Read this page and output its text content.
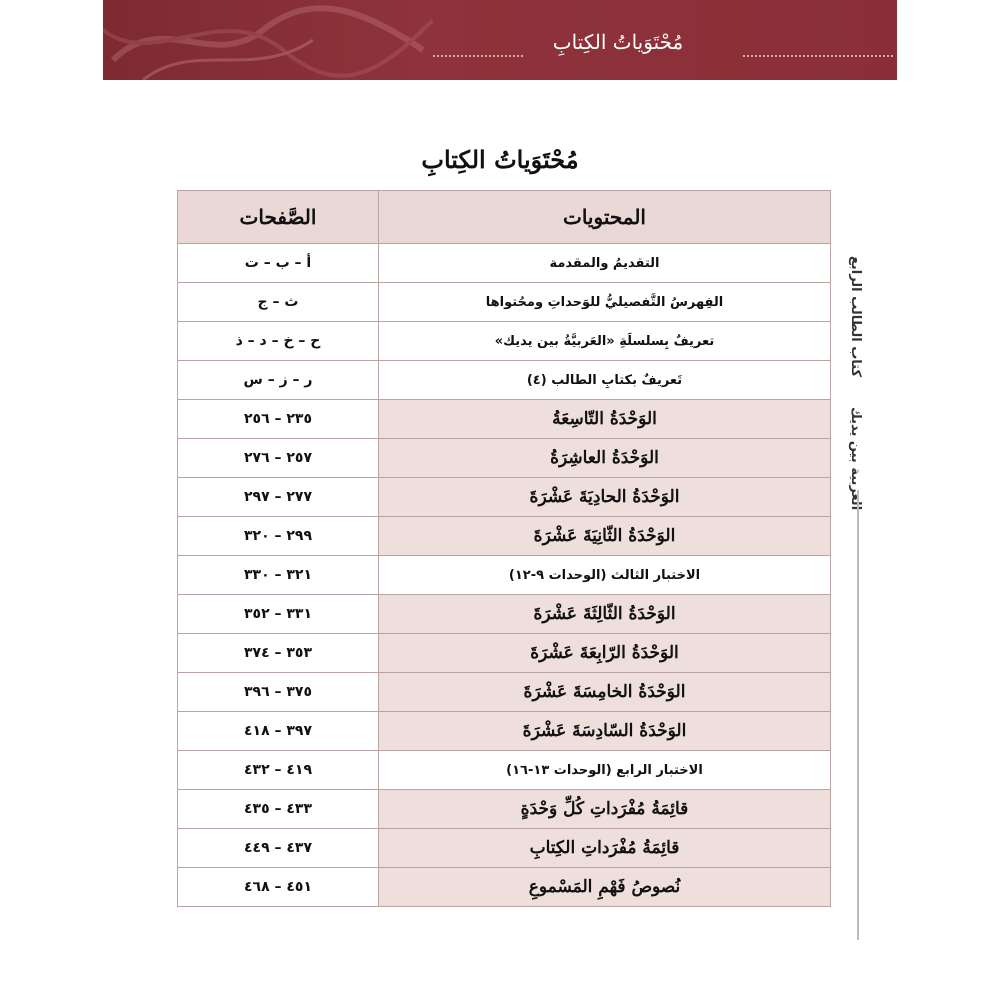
مُحْتَوَياتُ الكِتابِ
مُحْتَوَياتُ الكِتابِ
الصَّفحات	المحتويات
أ – ب – ت	التقديمُ والمقدمة
ث – ج	الفِهرسُ التَّفصيليُّ للوَحداتِ ومحُتواها
ح – خ – د – ذ	تعريفٌ بِسلسلَةِ «العَربيَّةُ بين يديك»
ر – ز – س	تَعريفٌ بكتابِ الطالب (٤)
٢٣٥ – ٢٥٦	الوَحْدَةُ التّاسِعَةُ
٢٥٧ – ٢٧٦	الوَحْدَةُ العاشِرَةُ
٢٧٧ – ٢٩٧	الوَحْدَةُ الحادِيَةَ عَشْرَةَ
٢٩٩ – ٣٢٠	الوَحْدَةُ الثّانِيَةَ عَشْرَةَ
٣٢١ – ٣٣٠	الاختبار الثالث (الوحدات ٩-١٢)
٣٣١ – ٣٥٢	الوَحْدَةُ الثّالِثَةَ عَشْرَةَ
٣٥٣ – ٣٧٤	الوَحْدَةُ الرّابِعَةَ عَشْرَةَ
٣٧٥ – ٣٩٦	الوَحْدَةُ الخامِسَةَ عَشْرَةَ
٣٩٧ – ٤١٨	الوَحْدَةُ السّادِسَةَ عَشْرَةَ
٤١٩ – ٤٣٢	الاختبار الرابع (الوحدات ١٣-١٦)
٤٣٣ – ٤٣٥	قائِمَةُ مُفْرَداتِ كُلِّ وَحْدَةٍ
٤٣٧ – ٤٤٩	قائِمَةُ مُفْرَداتِ الكِتابِ
٤٥١ – ٤٦٨	نُصوصُ فَهْمِ المَسْموعِ
العربية بين يديك
كتاب الطالب الرابع
